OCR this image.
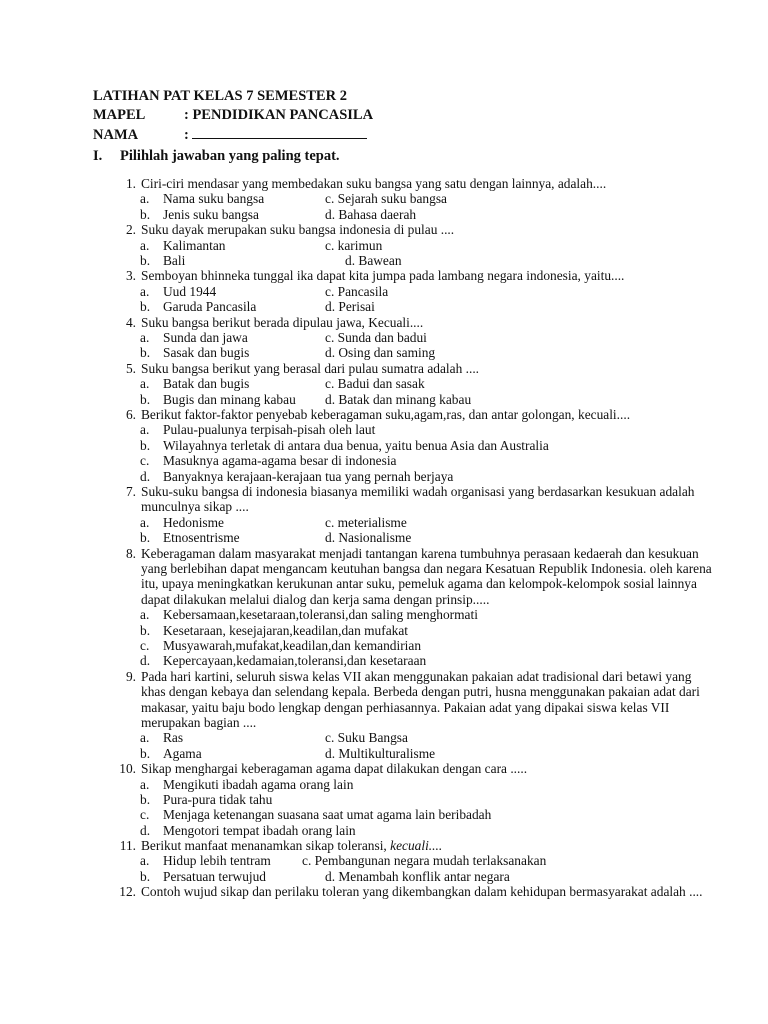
LATIHAN PAT KELAS 7 SEMESTER 2
MAPEL	: PENDIDIKAN PANCASILA
NAMA	:
I. Pilihlah jawaban yang paling tepat.
1. Ciri-ciri mendasar yang membedakan suku bangsa yang satu dengan lainnya, adalah....
a. Nama suku bangsa	c. Sejarah suku bangsa
b. Jenis suku bangsa	d. Bahasa daerah
2. Suku dayak merupakan suku bangsa indonesia di pulau ....
a. Kalimantan	c. karimun
b. Bali	d. Bawean
3. Semboyan bhinneka tunggal ika dapat kita jumpa pada lambang negara indonesia, yaitu....
a. Uud 1944	c. Pancasila
b. Garuda Pancasila	d. Perisai
4. Suku bangsa berikut berada dipulau jawa, Kecuali....
a. Sunda dan jawa	c. Sunda dan badui
b. Sasak dan bugis	d. Osing dan saming
5. Suku bangsa berikut yang berasal dari pulau sumatra adalah ....
a. Batak dan bugis	c. Badui dan sasak
b. Bugis dan minang kabau d. Batak dan minang kabau
6. Berikut faktor-faktor penyebab keberagaman suku,agam,ras, dan antar golongan, kecuali....
a. Pulau-pualunya terpisah-pisah oleh laut
b. Wilayahnya terletak di antara dua benua, yaitu benua Asia dan Australia
c. Masuknya agama-agama besar di indonesia
d. Banyaknya kerajaan-kerajaan tua yang pernah berjaya
7. Suku-suku bangsa di indonesia biasanya memiliki wadah organisasi yang berdasarkan kesukuan adalah munculnya sikap ....
a. Hedonisme	c. meterialisme
b. Etnosentrisme	d. Nasionalisme
8. Keberagaman dalam masyarakat menjadi tantangan karena tumbuhnya perasaan kedaerah dan kesukuan yang berlebihan dapat mengancam keutuhan bangsa dan negara Kesatuan Republik Indonesia. oleh karena itu, upaya meningkatkan kerukunan antar suku, pemeluk agama dan kelompok-kelompok sosial lainnya dapat dilakukan melalui dialog dan kerja sama dengan prinsip.....
a. Kebersamaan,kesetaraan,toleransi,dan saling menghormati
b. Kesetaraan, kesejajaran,keadilan,dan mufakat
c. Musyawarah,mufakat,keadilan,dan kemandirian
d. Kepercayaan,kedamaian,toleransi,dan kesetaraan
9. Pada hari kartini, seluruh siswa kelas VII akan menggunakan pakaian adat tradisional dari betawi yang khas dengan kebaya dan selendang kepala. Berbeda dengan putri, husna menggunakan pakaian adat dari makasar, yaitu baju bodo lengkap dengan perhiasannya. Pakaian adat yang dipakai siswa kelas VII merupakan bagian ....
a. Ras	c. Suku Bangsa
b. Agama	d. Multikulturalisme
10. Sikap menghargai keberagaman agama dapat dilakukan dengan cara .....
a. Mengikuti ibadah agama orang lain
b. Pura-pura tidak tahu
c. Menjaga ketenangan suasana saat umat agama lain beribadah
d. Mengotori tempat ibadah orang lain
11. Berikut manfaat menanamkan sikap toleransi, kecuali....
a. Hidup lebih tentram c. Pembangunan negara mudah terlaksanakan
b. Persatuan terwujud	d. Menambah konflik antar negara
12. Contoh wujud sikap dan perilaku toleran yang dikembangkan dalam kehidupan bermasyarakat adalah ....
